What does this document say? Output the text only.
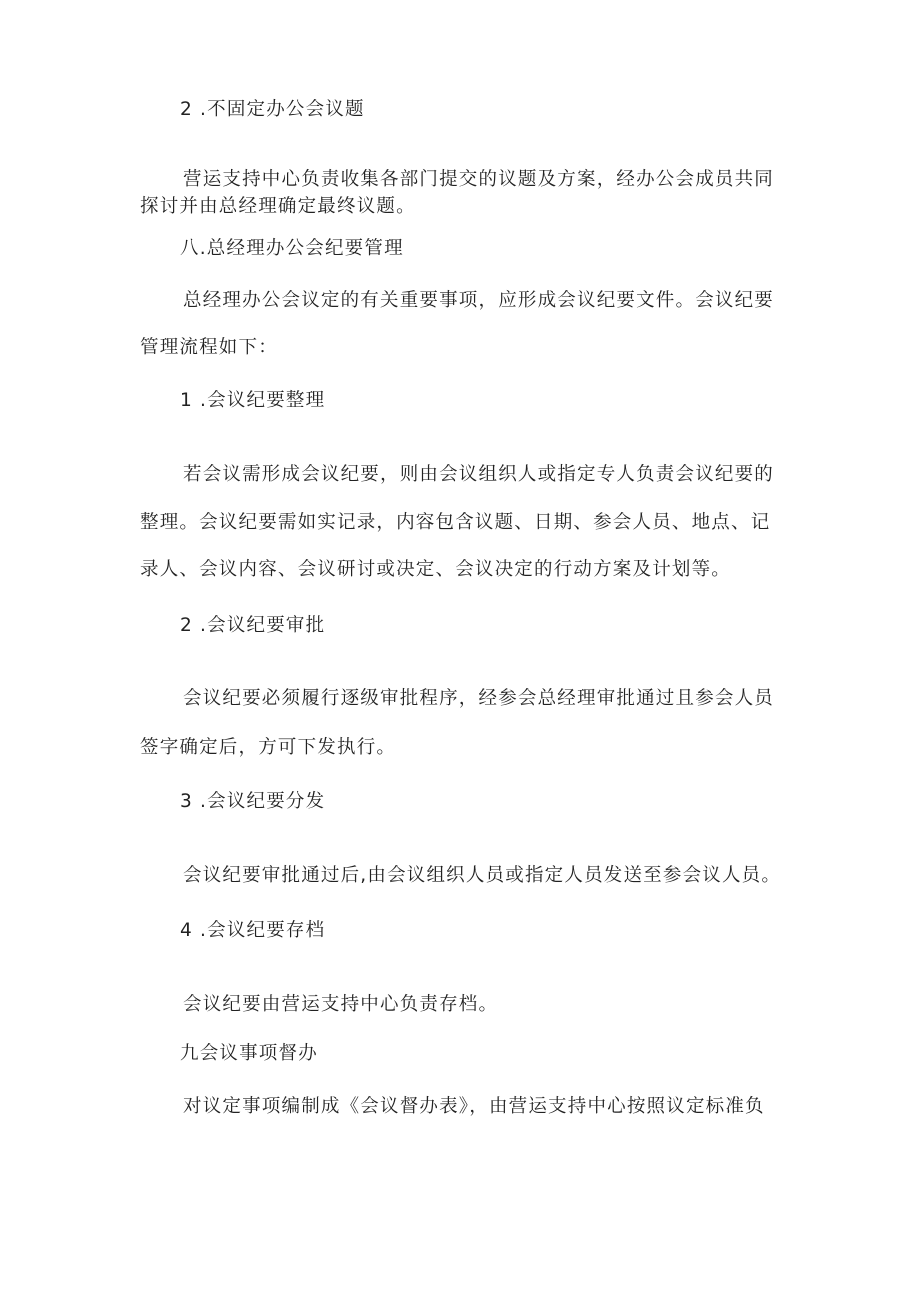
2 .不固定办公会议题

营运支持中心负责收集各部门提交的议题及方案，经办公会成员共同

探讨并由总经理确定最终议题。

八.总经理办公会纪要管理

总经理办公会议定的有关重要事项，应形成会议纪要文件。会议纪要

管理流程如下：

1 .会议纪要整理

若会议需形成会议纪要，则由会议组织人或指定专人负责会议纪要的

整理。会议纪要需如实记录，内容包含议题、日期、参会人员、地点、记

录人、会议内容、会议研讨或决定、会议决定的行动方案及计划等。

2 .会议纪要审批

会议纪要必须履行逐级审批程序，经参会总经理审批通过且参会人员

签字确定后，方可下发执行。

3 .会议纪要分发

会议纪要审批通过后,由会议组织人员或指定人员发送至参会议人员。

4 .会议纪要存档

会议纪要由营运支持中心负责存档。

九会议事项督办

对议定事项编制成《会议督办表》，由营运支持中心按照议定标准负
